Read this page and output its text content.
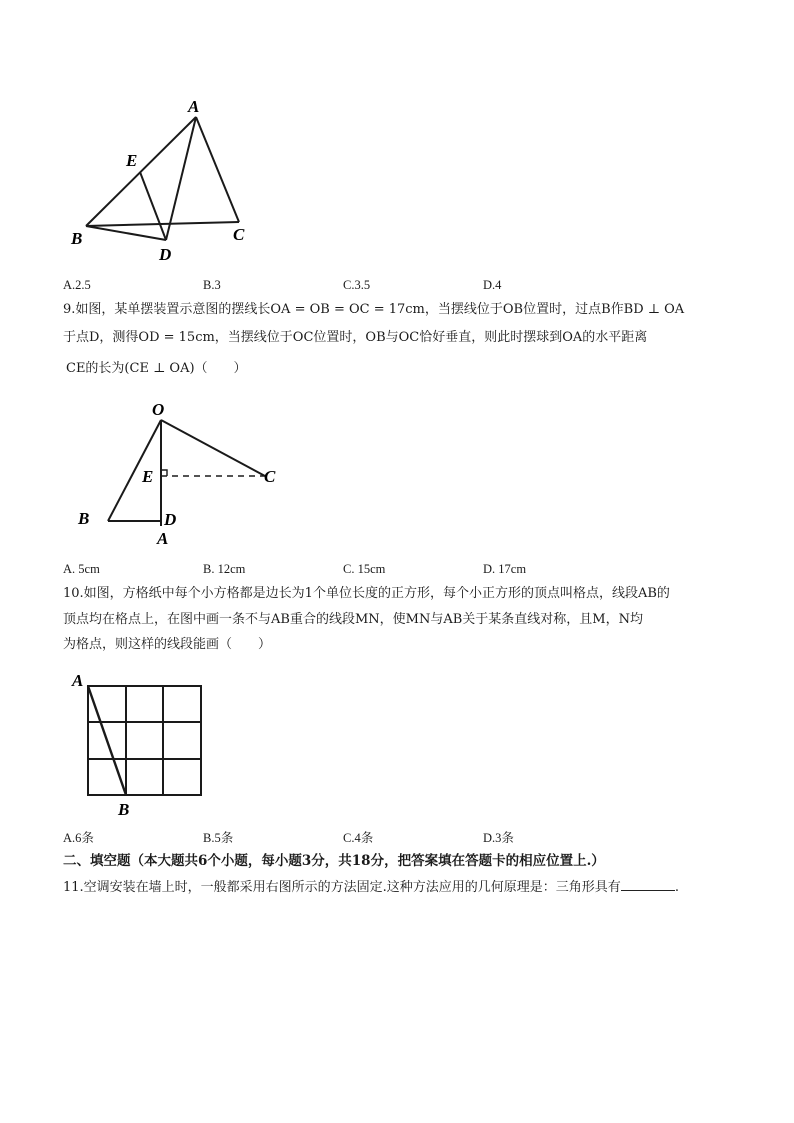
A
E
B	C
D
A.2.5	B.3	C.3.5	D.4
9.如图，某单摆装置示意图的摆线长OA = OB = OC = 17cm，当摆线位于OB位置时，过点B作BD ⊥ OA
于点D，测得OD = 15cm，当摆线位于OC位置时，OB与OC恰好垂直，则此时摆球到OA的水平距离
CE的长为(CE ⊥ OA)（　　）
O
E	C
B	D
A
A. 5cm	B. 12cm	C. 15cm	D. 17cm
10.如图，方格纸中每个小方格都是边长为1个单位长度的正方形，每个小正方形的顶点叫格点，线段AB的
顶点均在格点上，在图中画一条不与AB重合的线段MN，使MN与AB关于某条直线对称，且M，N均
为格点，则这样的线段能画（　　）
A
B
A.6条	B.5条	C.4条	D.3条
二、填空题（本大题共6个小题，每小题3分，共18分，把答案填在答题卡的相应位置上.）
11.空调安装在墙上时，一般都采用右图所示的方法固定.这种方法应用的几何原理是：三角形具有	.
